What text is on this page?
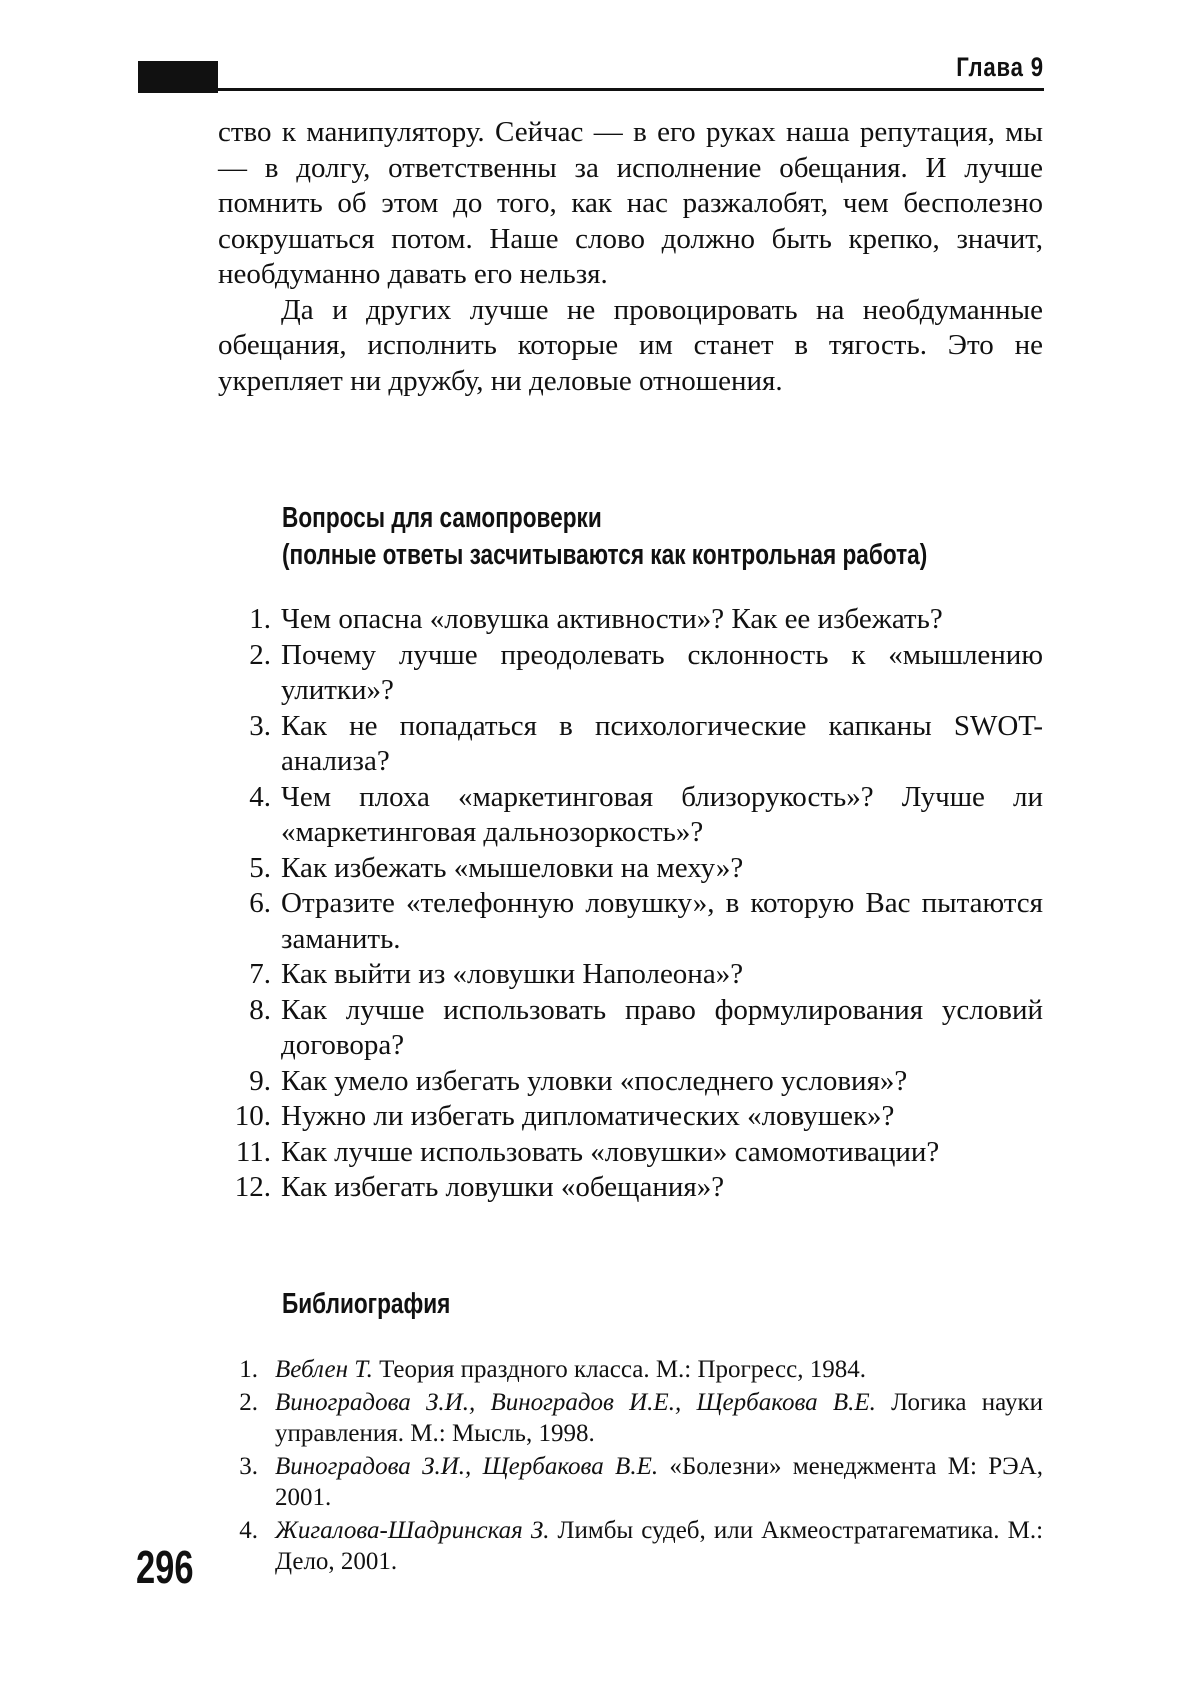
Глава 9

ство к манипулятору. Сейчас — в его руках наша репутация, мы — в долгу, ответственны за исполнение обещания. И лучше помнить об этом до того, как нас разжалобят, чем бесполезно сокрушаться потом. Наше слово должно быть крепко, значит, необдуманно давать его нельзя.

Да и других лучше не провоцировать на необдуманные обещания, исполнить которые им станет в тягость. Это не укрепляет ни дружбу, ни деловые отношения.

Вопросы для самопроверки
(полные ответы засчитываются как контрольная работа)
1. Чем опасна «ловушка активности»? Как ее избежать?
2. Почему лучше преодолевать склонность к «мышлению улитки»?
3. Как не попадаться в психологические капканы SWOT-анализа?
4. Чем плоха «маркетинговая близорукость»? Лучше ли «маркетинговая дальнозоркость»?
5. Как избежать «мышеловки на меху»?
6. Отразите «телефонную ловушку», в которую Вас пытаются заманить.
7. Как выйти из «ловушки Наполеона»?
8. Как лучше использовать право формулирования условий договора?
9. Как умело избегать уловки «последнего условия»?
10. Нужно ли избегать дипломатических «ловушек»?
11. Как лучше использовать «ловушки» самомотивации?
12. Как избегать ловушки «обещания»?
Библиография
1. Веблен Т. Теория праздного класса. М.: Прогресс, 1984.
2. Виноградова З.И., Виноградов И.Е., Щербакова В.Е. Логика науки управления. М.: Мысль, 1998.
3. Виноградова З.И., Щербакова В.Е. «Болезни» менеджмента М: РЭА, 2001.
4. Жигалова-Шадринская З. Лимбы судеб, или Акмеостратагематика. М.: Дело, 2001.
296
